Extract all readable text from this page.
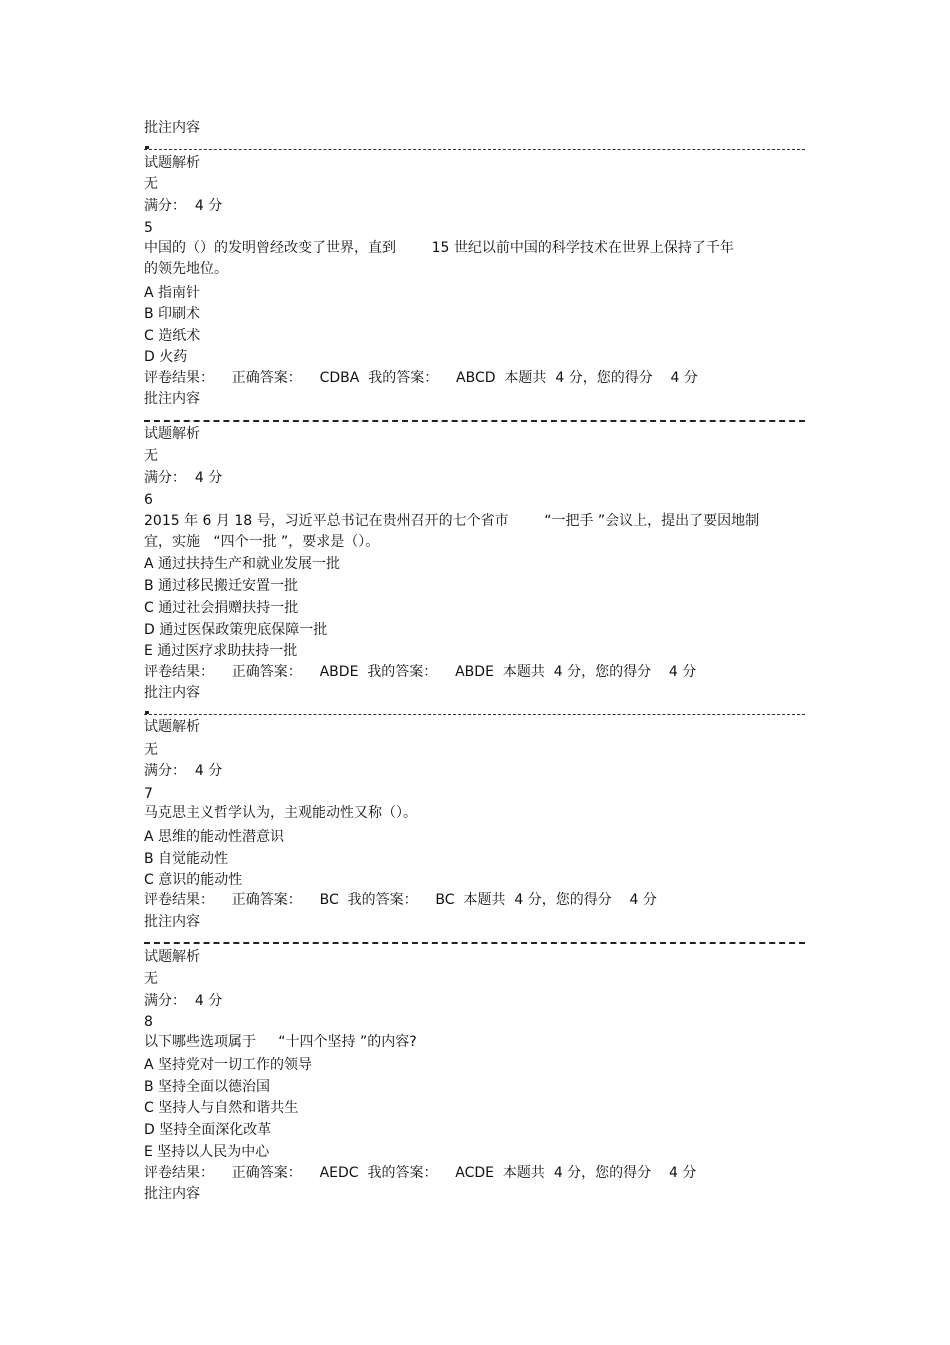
批注内容
试题解析
无
满分：  4 分
5
中国的（）的发明曾经改变了世界，直到        15 世纪以前中国的科学技术在世界上保持了千年
的领先地位。
A 指南针
B 印刷术
C 造纸术
D 火药
评卷结果：    正确答案：    CDBA  我的答案：    ABCD  本题共  4 分，您的得分    4 分
批注内容
试题解析
无
满分：  4 分
6
2015 年 6 月 18 号，习近平总书记在贵州召开的七个省市        “一把手 ”会议上，提出了要因地制
宜，实施   “四个一批 ”，要求是（）。
A 通过扶持生产和就业发展一批
B 通过移民搬迁安置一批
C 通过社会捐赠扶持一批
D 通过医保政策兜底保障一批
E 通过医疗求助扶持一批
评卷结果：    正确答案：    ABDE  我的答案：    ABDE  本题共  4 分，您的得分    4 分
批注内容
试题解析
无
满分：  4 分
7
马克思主义哲学认为，主观能动性又称（）。
A 思维的能动性潜意识
B 自觉能动性
C 意识的能动性
评卷结果：    正确答案：    BC  我的答案：    BC  本题共  4 分，您的得分    4 分
批注内容
试题解析
无
满分：  4 分
8
以下哪些选项属于     “十四个坚持 ”的内容?
A 坚持党对一切工作的领导
B 坚持全面以德治国
C 坚持人与自然和谐共生
D 坚持全面深化改革
E 坚持以人民为中心
评卷结果：    正确答案：    AEDC  我的答案：    ACDE  本题共  4 分，您的得分    4 分
批注内容
